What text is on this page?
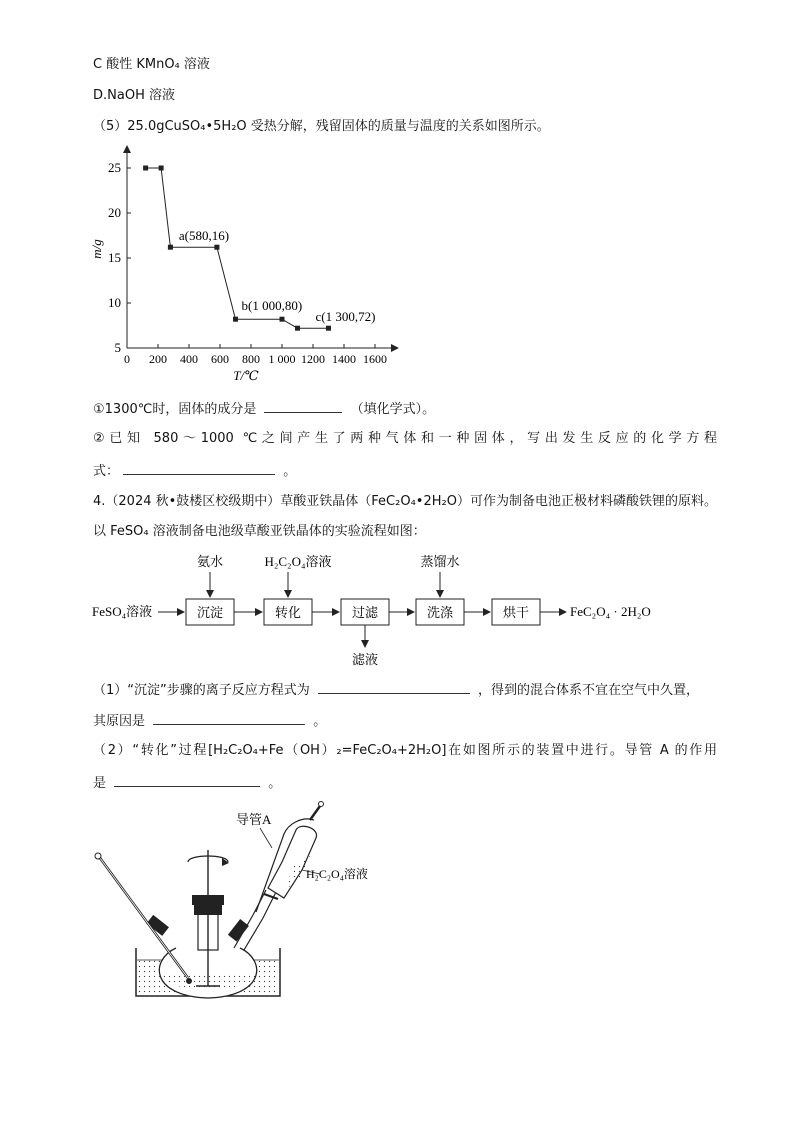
C 酸性 KMnO₄ 溶液
D.NaOH 溶液
（5）25.0gCuSO₄•5H₂O 受热分解，残留固体的质量与温度的关系如图所示。
0 200 400 600 800 1 000 1200 1400 1600
5
10
15
20
25
T/℃
m/g
a(580,16)
b(1 000,80)
c(1 300,72)
①1300℃时，固体的成分是	（填化学式）。
②已知 580～1000 ℃之间产生了两种气体和一种固体，写出发生反应的化学方程
式：	。
4.（2024 秋•鼓楼区校级期中）草酸亚铁晶体（FeC₂O₄•2H₂O）可作为制备电池正极材料磷酸铁锂的原料。
以 FeSO₄ 溶液制备电池级草酸亚铁晶体的实验流程如图：
FeSO₄溶液	沉淀	转化	过滤	洗涤	烘干	FeC₂O₄ · 2H₂O
氨水	H₂C₂O₄溶液	蒸馏水
滤液
（1）“沉淀”步骤的离子反应方程式为	，得到的混合体系不宜在空气中久置，
其原因是	。
（2）“转化”过程[H₂C₂O₄+Fe（OH）₂=FeC₂O₄+2H₂O]在如图所示的装置中进行。导管 A 的作用
是	。
导管A
H₂C₂O₄溶液
